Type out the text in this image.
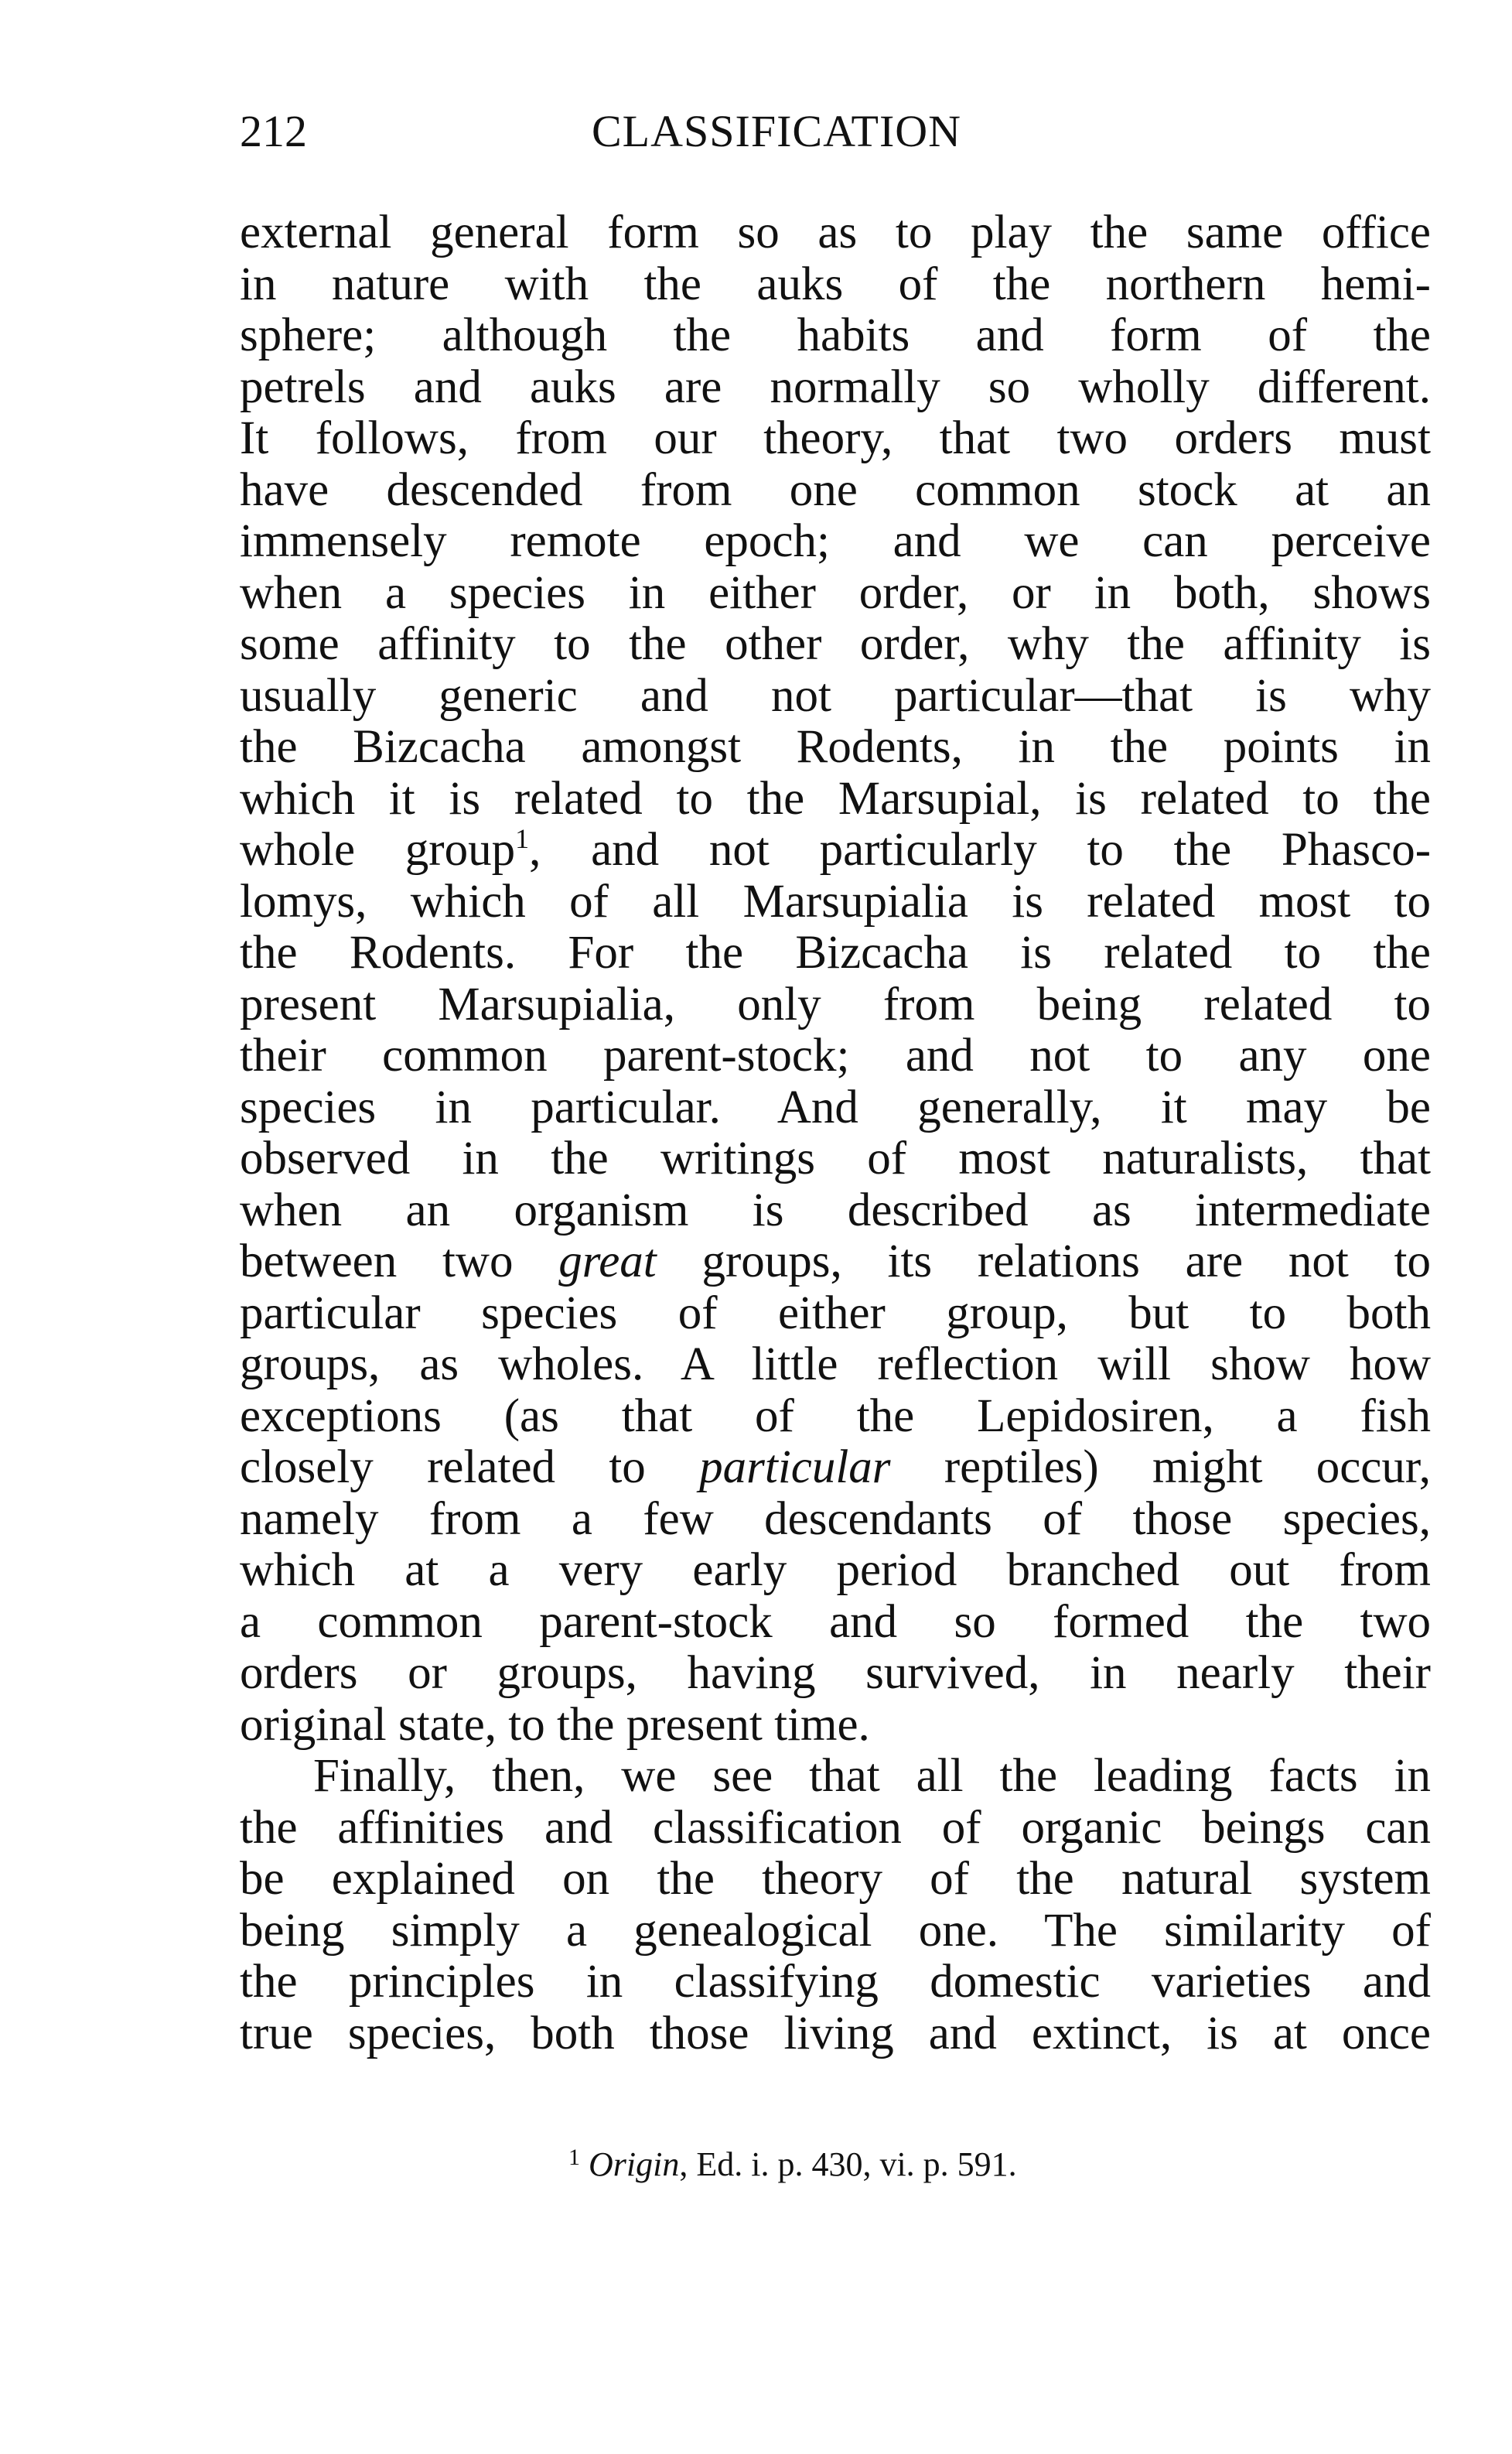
212	CLASSIFICATION
external general form so as to play the same office
in nature with the auks of the northern hemi-
sphere; although the habits and form of the
petrels and auks are normally so wholly different.
It follows, from our theory, that two orders must
have descended from one common stock at an
immensely remote epoch; and we can perceive
when a species in either order, or in both, shows
some affinity to the other order, why the affinity is
usually generic and not particular—that is why
the Bizcacha amongst Rodents, in the points in
which it is related to the Marsupial, is related to the
whole group$^1$, and not particularly to the Phasco-
lomys, which of all Marsupialia is related most to
the Rodents. For the Bizcacha is related to the
present Marsupialia, only from being related to
their common parent-stock; and not to any one
species in particular. And generally, it may be
observed in the writings of most naturalists, that
when an organism is described as intermediate
between two great groups, its relations are not to
particular species of either group, but to both
groups, as wholes. A little reflection will show how
exceptions (as that of the Lepidosiren, a fish
closely related to particular reptiles) might occur,
namely from a few descendants of those species,
which at a very early period branched out from
a common parent-stock and so formed the two
orders or groups, having survived, in nearly their
original state, to the present time.
Finally, then, we see that all the leading facts in
the affinities and classification of organic beings can
be explained on the theory of the natural system
being simply a genealogical one. The similarity of
the principles in classifying domestic varieties and
true species, both those living and extinct, is at once
$^1$ Origin, Ed. i. p. 430, vi. p. 591.
